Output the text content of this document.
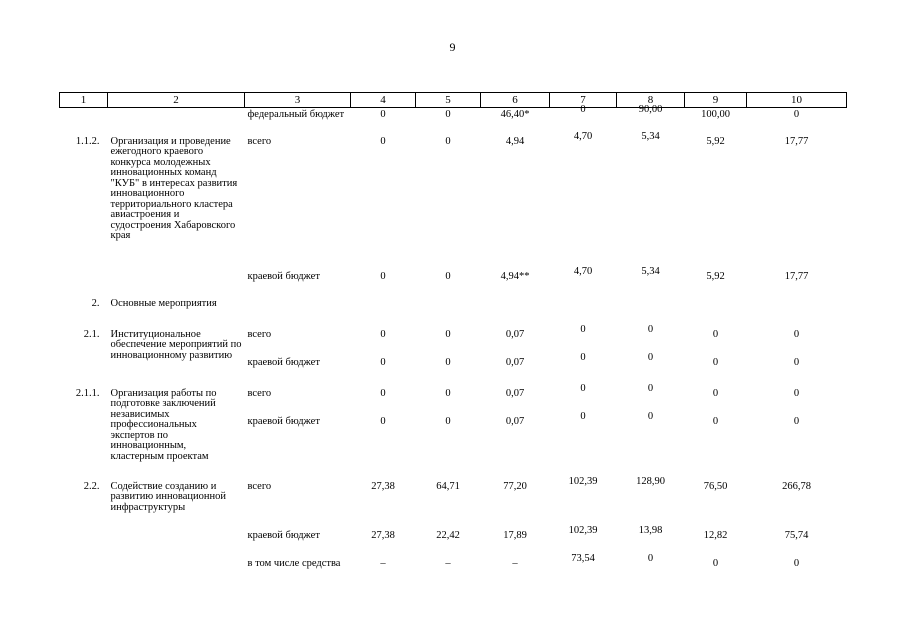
9
1	2	3	4	5	6	7	8	9	10
		федеральный бюджет	0	0	46,40*	0	90,00	100,00	0
1.1.2.	Организация и проведение ежегодного краевого конкурса молодежных инновационных команд "КУБ" в интересах развития инновационного территориального кластера авиастроения и судостроения Хабаровского края	всего	0	0	4,94	4,70	5,34	5,92	17,77
		краевой бюджет	0	0	4,94**	4,70	5,34	5,92	17,77
2.	Основные мероприятия								
2.1.	Институциональное обеспечение мероприятий по инновационному развитию	всего	0	0	0,07	0	0	0	0
		краевой бюджет	0	0	0,07	0	0	0	0
2.1.1.	Организация работы по подготовке заключений независимых профессиональных экспертов по инновационным, кластерным проектам	всего	0	0	0,07	0	0	0	0
		краевой бюджет	0	0	0,07	0	0	0	0
2.2.	Содействие созданию и развитию инновационной инфраструктуры	всего	27,38	64,71	77,20	102,39	128,90	76,50	266,78
		краевой бюджет	27,38	22,42	17,89	102,39	13,98	12,82	75,74
		в том числе средства	–	–	–	73,54	0	0	0
